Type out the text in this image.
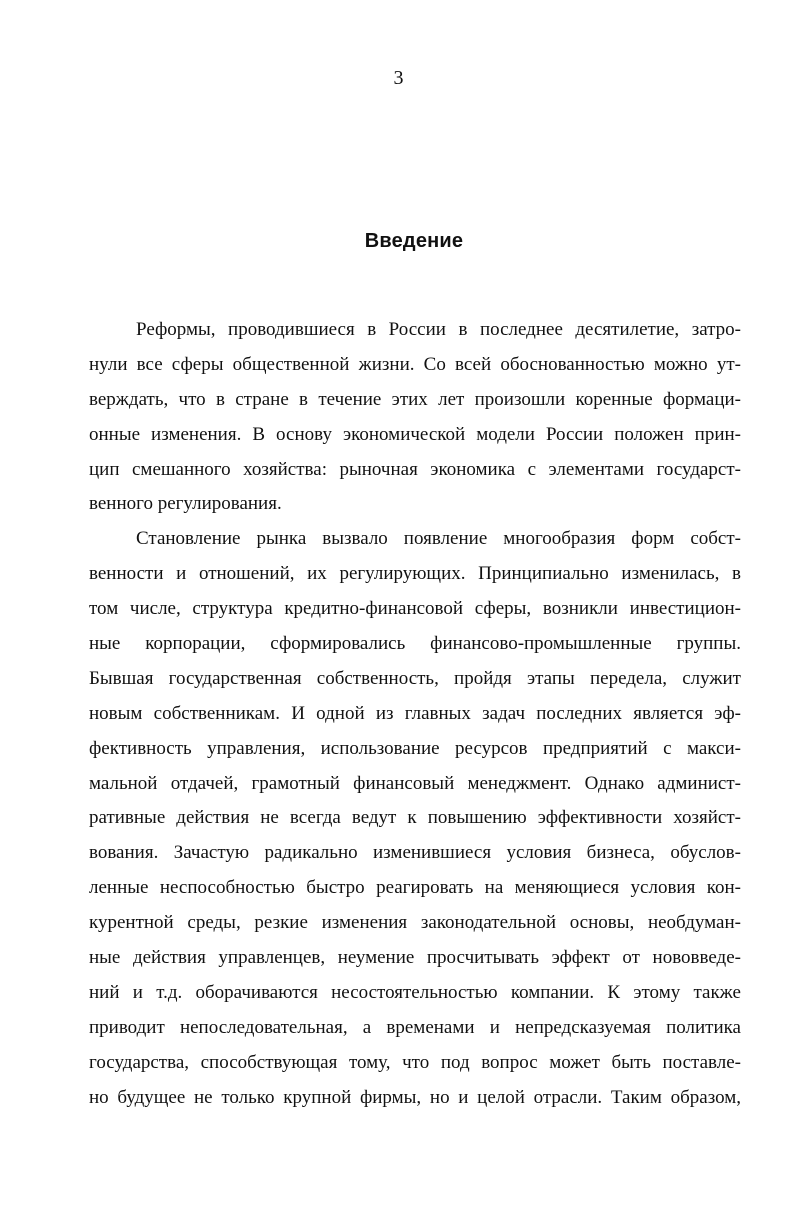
3
Введение
Реформы, проводившиеся в России в последнее десятилетие, затро-
нули все сферы общественной жизни. Со всей обоснованностью можно ут-
верждать, что в стране в течение этих лет произошли коренные формаци-
онные изменения. В основу экономической модели России положен прин-
цип смешанного хозяйства: рыночная экономика с элементами государст-
венного регулирования.
Становление рынка вызвало появление многообразия форм собст-
венности и отношений, их регулирующих. Принципиально изменилась, в
том числе, структура кредитно-финансовой сферы, возникли инвестицион-
ные корпорации, сформировались финансово-промышленные группы.
Бывшая государственная собственность, пройдя этапы передела, служит
новым собственникам. И одной из главных задач последних является эф-
фективность управления, использование ресурсов предприятий с макси-
мальной отдачей, грамотный финансовый менеджмент. Однако админист-
ративные действия не всегда ведут к повышению эффективности хозяйст-
вования. Зачастую радикально изменившиеся условия бизнеса, обуслов-
ленные неспособностью быстро реагировать на меняющиеся условия кон-
курентной среды, резкие изменения законодательной основы, необдуман-
ные действия управленцев, неумение просчитывать эффект от нововведе-
ний и т.д. оборачиваются несостоятельностью компании. К этому также
приводит непоследовательная, а временами и непредсказуемая политика
государства, способствующая тому, что под вопрос может быть поставле-
но будущее не только крупной фирмы, но и целой отрасли. Таким образом,
